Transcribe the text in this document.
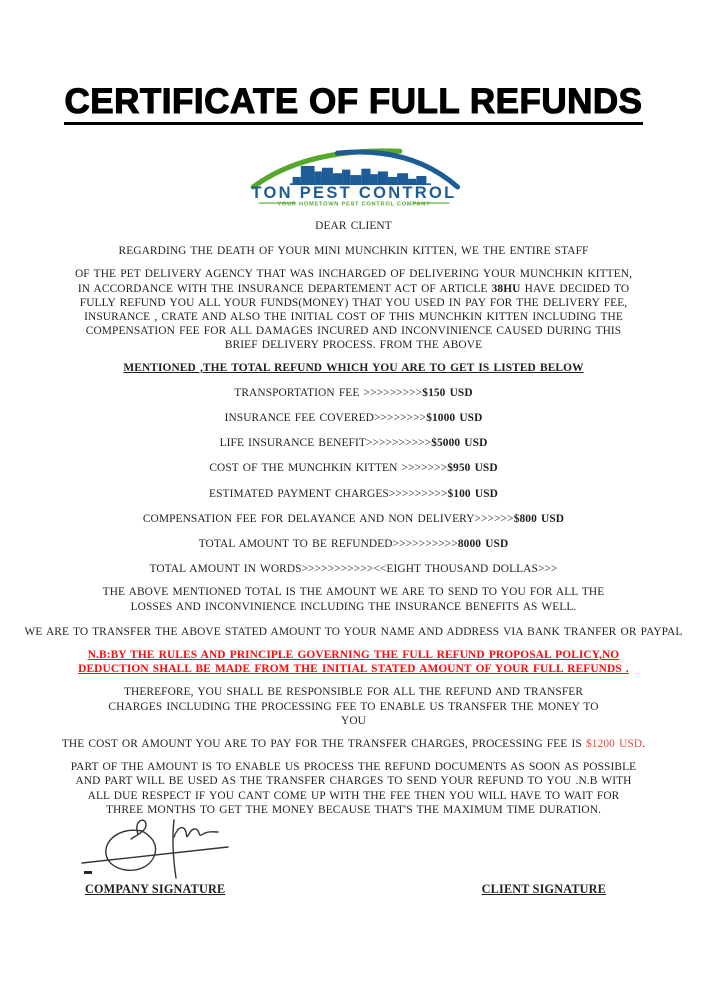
CERTIFICATE OF FULL REFUNDS
TON PEST CONTROL
YOUR HOMETOWN PEST CONTROL COMPANY

DEAR CLIENT

REGARDING THE DEATH OF YOUR MINI MUNCHKIN KITTEN, WE THE ENTIRE STAFF

OF THE PET DELIVERY AGENCY THAT WAS INCHARGED OF DELIVERING YOUR MUNCHKIN KITTEN, IN ACCORDANCE WITH THE INSURANCE DEPARTEMENT ACT OF ARTICLE 38HU HAVE DECIDED TO FULLY REFUND YOU ALL YOUR FUNDS(MONEY) THAT YOU USED IN PAY FOR THE DELIVERY FEE, INSURANCE , CRATE AND ALSO THE INITIAL COST OF THIS MUNCHKIN KITTEN INCLUDING THE COMPENSATION FEE FOR ALL DAMAGES INCURED AND INCONVINIENCE CAUSED DURING THIS BRIEF DELIVERY PROCESS. FROM THE ABOVE

MENTIONED ,THE TOTAL REFUND WHICH YOU ARE TO GET IS LISTED BELOW

TRANSPORTATION FEE >>>>>>>>>$150 USD

INSURANCE FEE COVERED>>>>>>>>$1000 USD

LIFE INSURANCE BENEFIT>>>>>>>>>>$5000 USD

COST OF THE MUNCHKIN KITTEN >>>>>>>$950 USD

ESTIMATED PAYMENT CHARGES>>>>>>>>>$100 USD

COMPENSATION FEE FOR DELAYANCE AND NON DELIVERY>>>>>>$800 USD

TOTAL AMOUNT TO BE REFUNDED>>>>>>>>>>8000 USD

TOTAL AMOUNT IN WORDS>>>>>>>>>>><<EIGHT THOUSAND DOLLAS>>>

THE ABOVE MENTIONED TOTAL IS THE AMOUNT WE ARE TO SEND TO YOU FOR ALL THE LOSSES AND INCONVINIENCE INCLUDING THE INSURANCE BENEFITS AS WELL.

WE ARE TO TRANSFER THE ABOVE STATED AMOUNT TO YOUR NAME AND ADDRESS VIA BANK TRANFER OR PAYPAL

N.B:BY THE RULES AND PRINCIPLE GOVERNING THE FULL REFUND PROPOSAL POLICY,NO DEDUCTION SHALL BE MADE FROM THE INITIAL STATED AMOUNT OF YOUR FULL REFUNDS .

THEREFORE, YOU SHALL BE RESPONSIBLE FOR ALL THE REFUND AND TRANSFER CHARGES INCLUDING THE PROCESSING FEE TO ENABLE US TRANSFER THE MONEY TO YOU

THE COST OR AMOUNT YOU ARE TO PAY FOR THE TRANSFER CHARGES, PROCESSING FEE IS $1200 USD.

PART OF THE AMOUNT IS TO ENABLE US PROCESS THE REFUND DOCUMENTS AS SOON AS POSSIBLE AND PART WILL BE USED AS THE TRANSFER CHARGES TO SEND YOUR REFUND TO YOU .N.B WITH ALL DUE RESPECT IF YOU CANT COME UP WITH THE FEE THEN YOU WILL HAVE TO WAIT FOR THREE MONTHS TO GET THE MONEY BECAUSE THAT'S THE MAXIMUM TIME DURATION.

COMPANY SIGNATURE	CLIENT SIGNATURE
